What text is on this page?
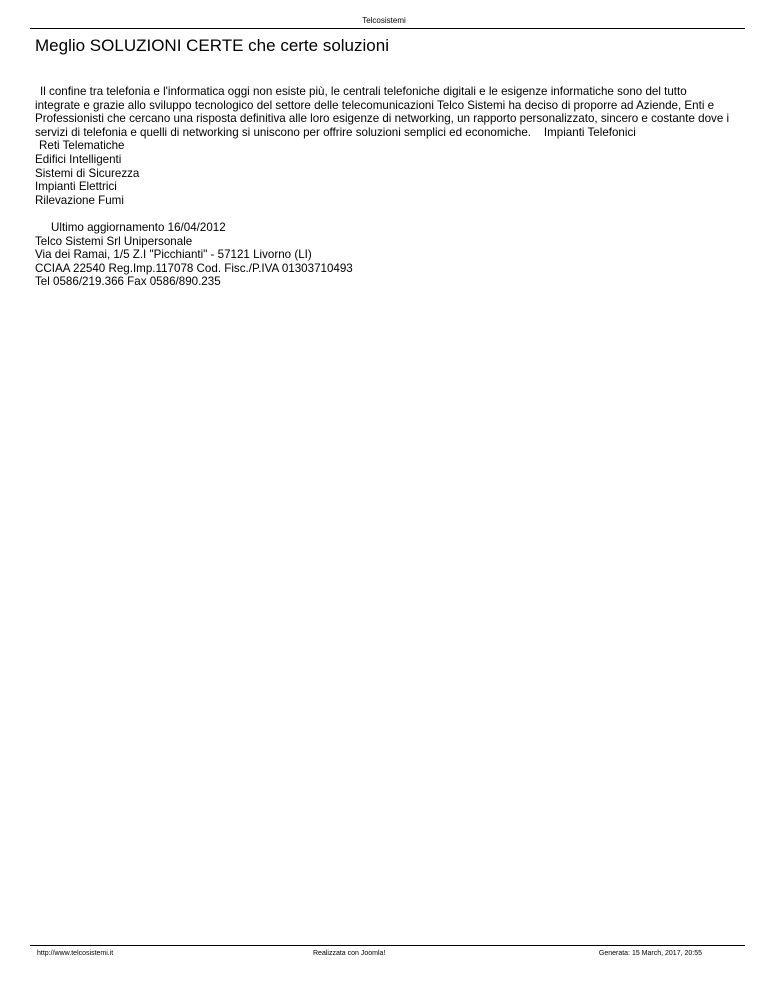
Telcosistemi
Meglio SOLUZIONI CERTE che certe soluzioni

Il confine tra telefonia e l'informatica oggi non esiste più, le centrali telefoniche digitali e le esigenze informatiche sono del tutto integrate e grazie allo sviluppo tecnologico del settore delle telecomunicazioni Telco Sistemi ha deciso di proporre ad Aziende, Enti e Professionisti che cercano una risposta definitiva alle loro esigenze di networking, un rapporto personalizzato, sincero e costante dove i servizi di telefonia e quelli di networking si uniscono per offrire soluzioni semplici ed economiche. Impianti Telefonici

Reti Telematiche
Edifici Intelligenti
Sistemi di Sicurezza
Impianti Elettrici
Rilevazione Fumi
Ultimo aggiornamento 16/04/2012
Telco Sistemi Srl Unipersonale
Via dei Ramai, 1/5 Z.I "Picchianti" - 57121 Livorno (LI)
CCIAA 22540 Reg.Imp.117078 Cod. Fisc./P.IVA 01303710493
Tel 0586/219.366 Fax 0586/890.235
http://www.telcosistemi.it	Realizzata con Joomla!	Generata: 15 March, 2017, 20:55
